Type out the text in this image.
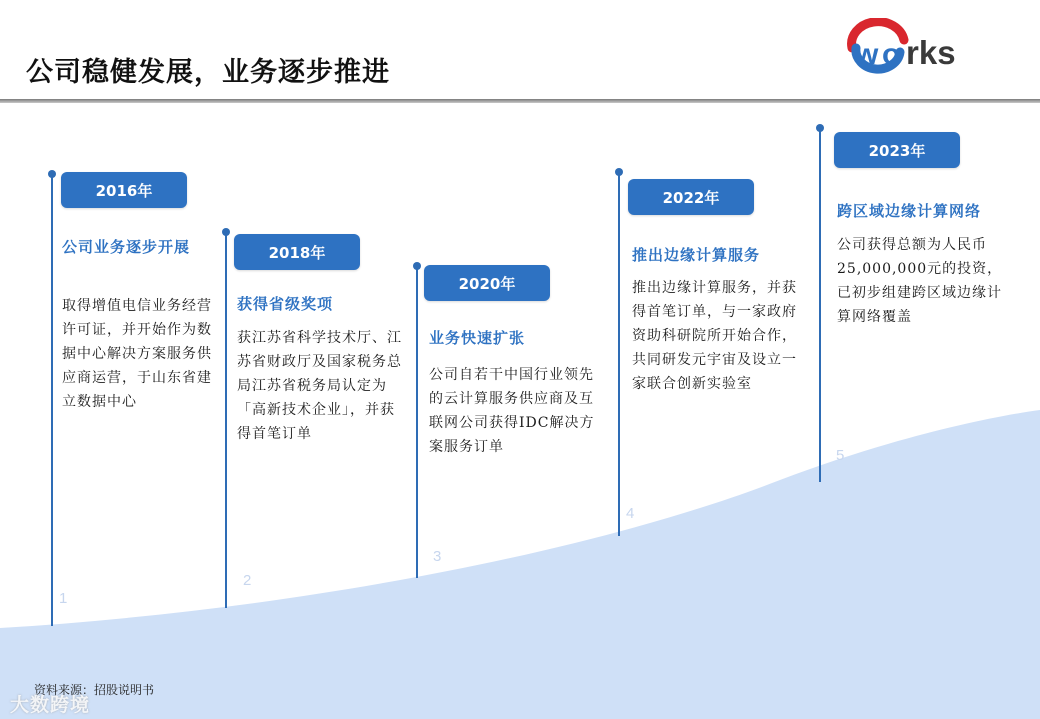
公司稳健发展，业务逐步推进
w o rks
2016年
公司业务逐步开展
取得增值电信业务经营许可证，并开始作为数据中心解决方案服务供应商运营，于山东省建立数据中心
1
2018年
获得省级奖项
获江苏省科学技术厅、江苏省财政厅及国家税务总局江苏省税务局认定为「高新技术企业」，并获得首笔订单
2
2020年
业务快速扩张
公司自若干中国行业领先的云计算服务供应商及互联网公司获得IDC解决方案服务订单
3
2022年
推出边缘计算服务
推出边缘计算服务，并获得首笔订单，与一家政府资助科研院所开始合作，共同研发元宇宙及设立一家联合创新实验室
4
2023年
跨区域边缘计算网络
公司获得总额为人民币25,000,000元的投资，已初步组建跨区域边缘计算网络覆盖
5
资料来源：招股说明书
大数跨境
